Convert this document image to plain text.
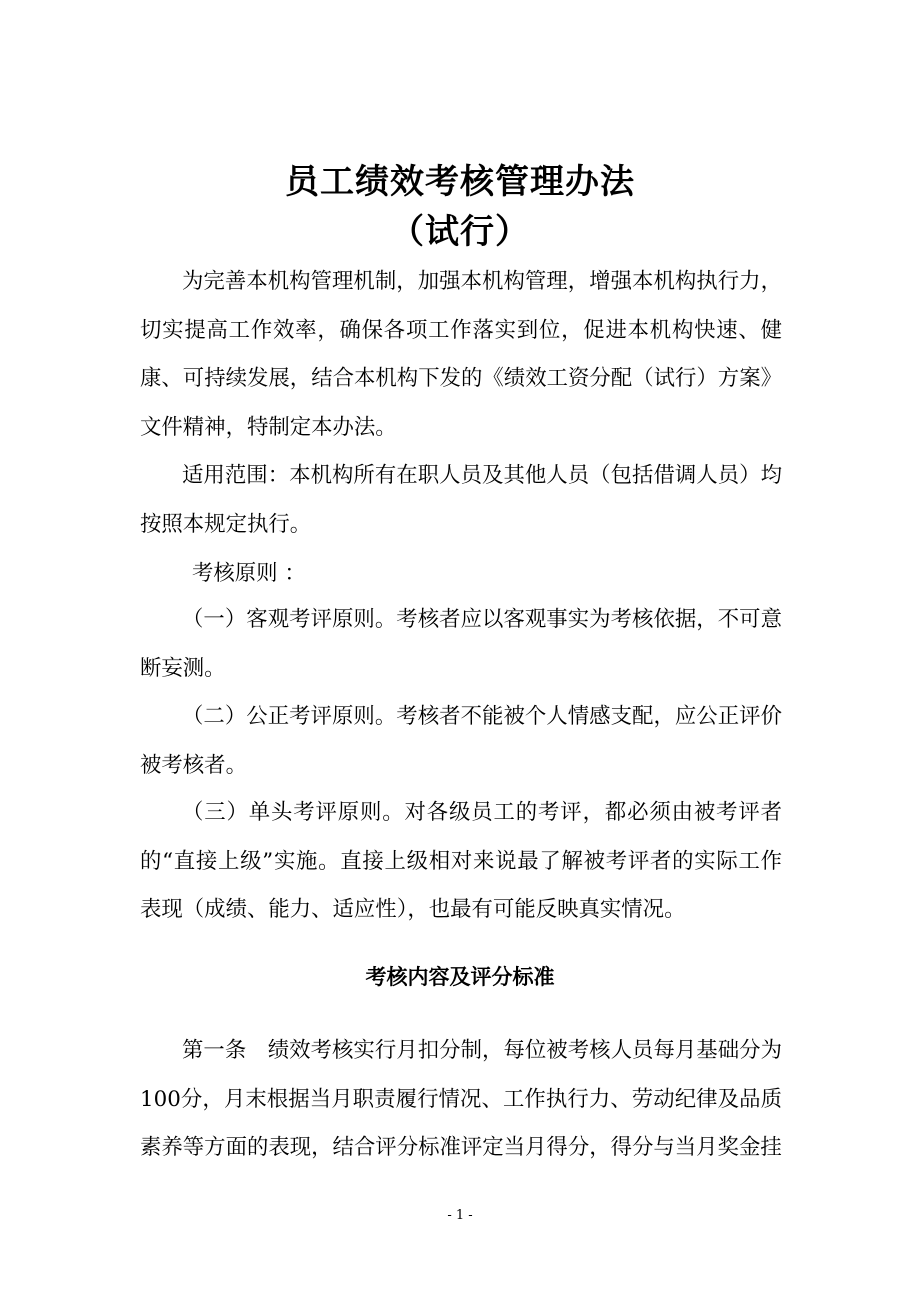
员工绩效考核管理办法
（试行）
为完善本机构管理机制，加强本机构管理，增强本机构执行力，切实提高工作效率，确保各项工作落实到位，促进本机构快速、健康、可持续发展，结合本机构下发的《绩效工资分配（试行）方案》文件精神，特制定本办法。
适用范围：本机构所有在职人员及其他人员（包括借调人员）均按照本规定执行。
考核原则 ：
（一）客观考评原则。考核者应以客观事实为考核依据，不可意断妄测。
（二）公正考评原则。考核者不能被个人情感支配，应公正评价被考核者。
（三）单头考评原则。对各级员工的考评，都必须由被考评者的“直接上级”实施。直接上级相对来说最了解被考评者的实际工作表现（成绩、能力、适应性），也最有可能反映真实情况。
考核内容及评分标准
第一条　绩效考核实行月扣分制，每位被考核人员每月基础分为100分，月末根据当月职责履行情况、工作执行力、劳动纪律及品质素养等方面的表现，结合评分标准评定当月得分，得分与当月奖金挂
- 1 -
